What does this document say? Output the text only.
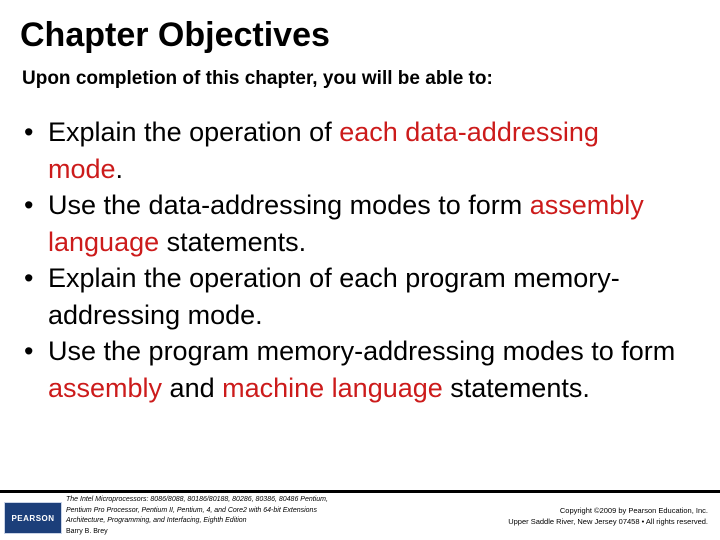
Chapter Objectives
Upon completion of this chapter, you will be able to:
• Explain the operation of each data-addressing
mode.
• Use the data-addressing modes to form assembly language statements.
• Explain the operation of each program memory-addressing mode.
• Use the program memory-addressing modes to form assembly and machine language statements.
PEARSON
The Intel Microprocessors: 8086/8088, 80186/80188, 80286, 80386, 80486 Pentium,
Pentium Pro Processor, Pentium II, Pentium, 4, and Core2 with 64-bit Extensions
Architecture, Programming, and Interfacing, Eighth Edition
Barry B. Brey
Copyright ©2009 by Pearson Education, Inc.
Upper Saddle River, New Jersey 07458 • All rights reserved.
